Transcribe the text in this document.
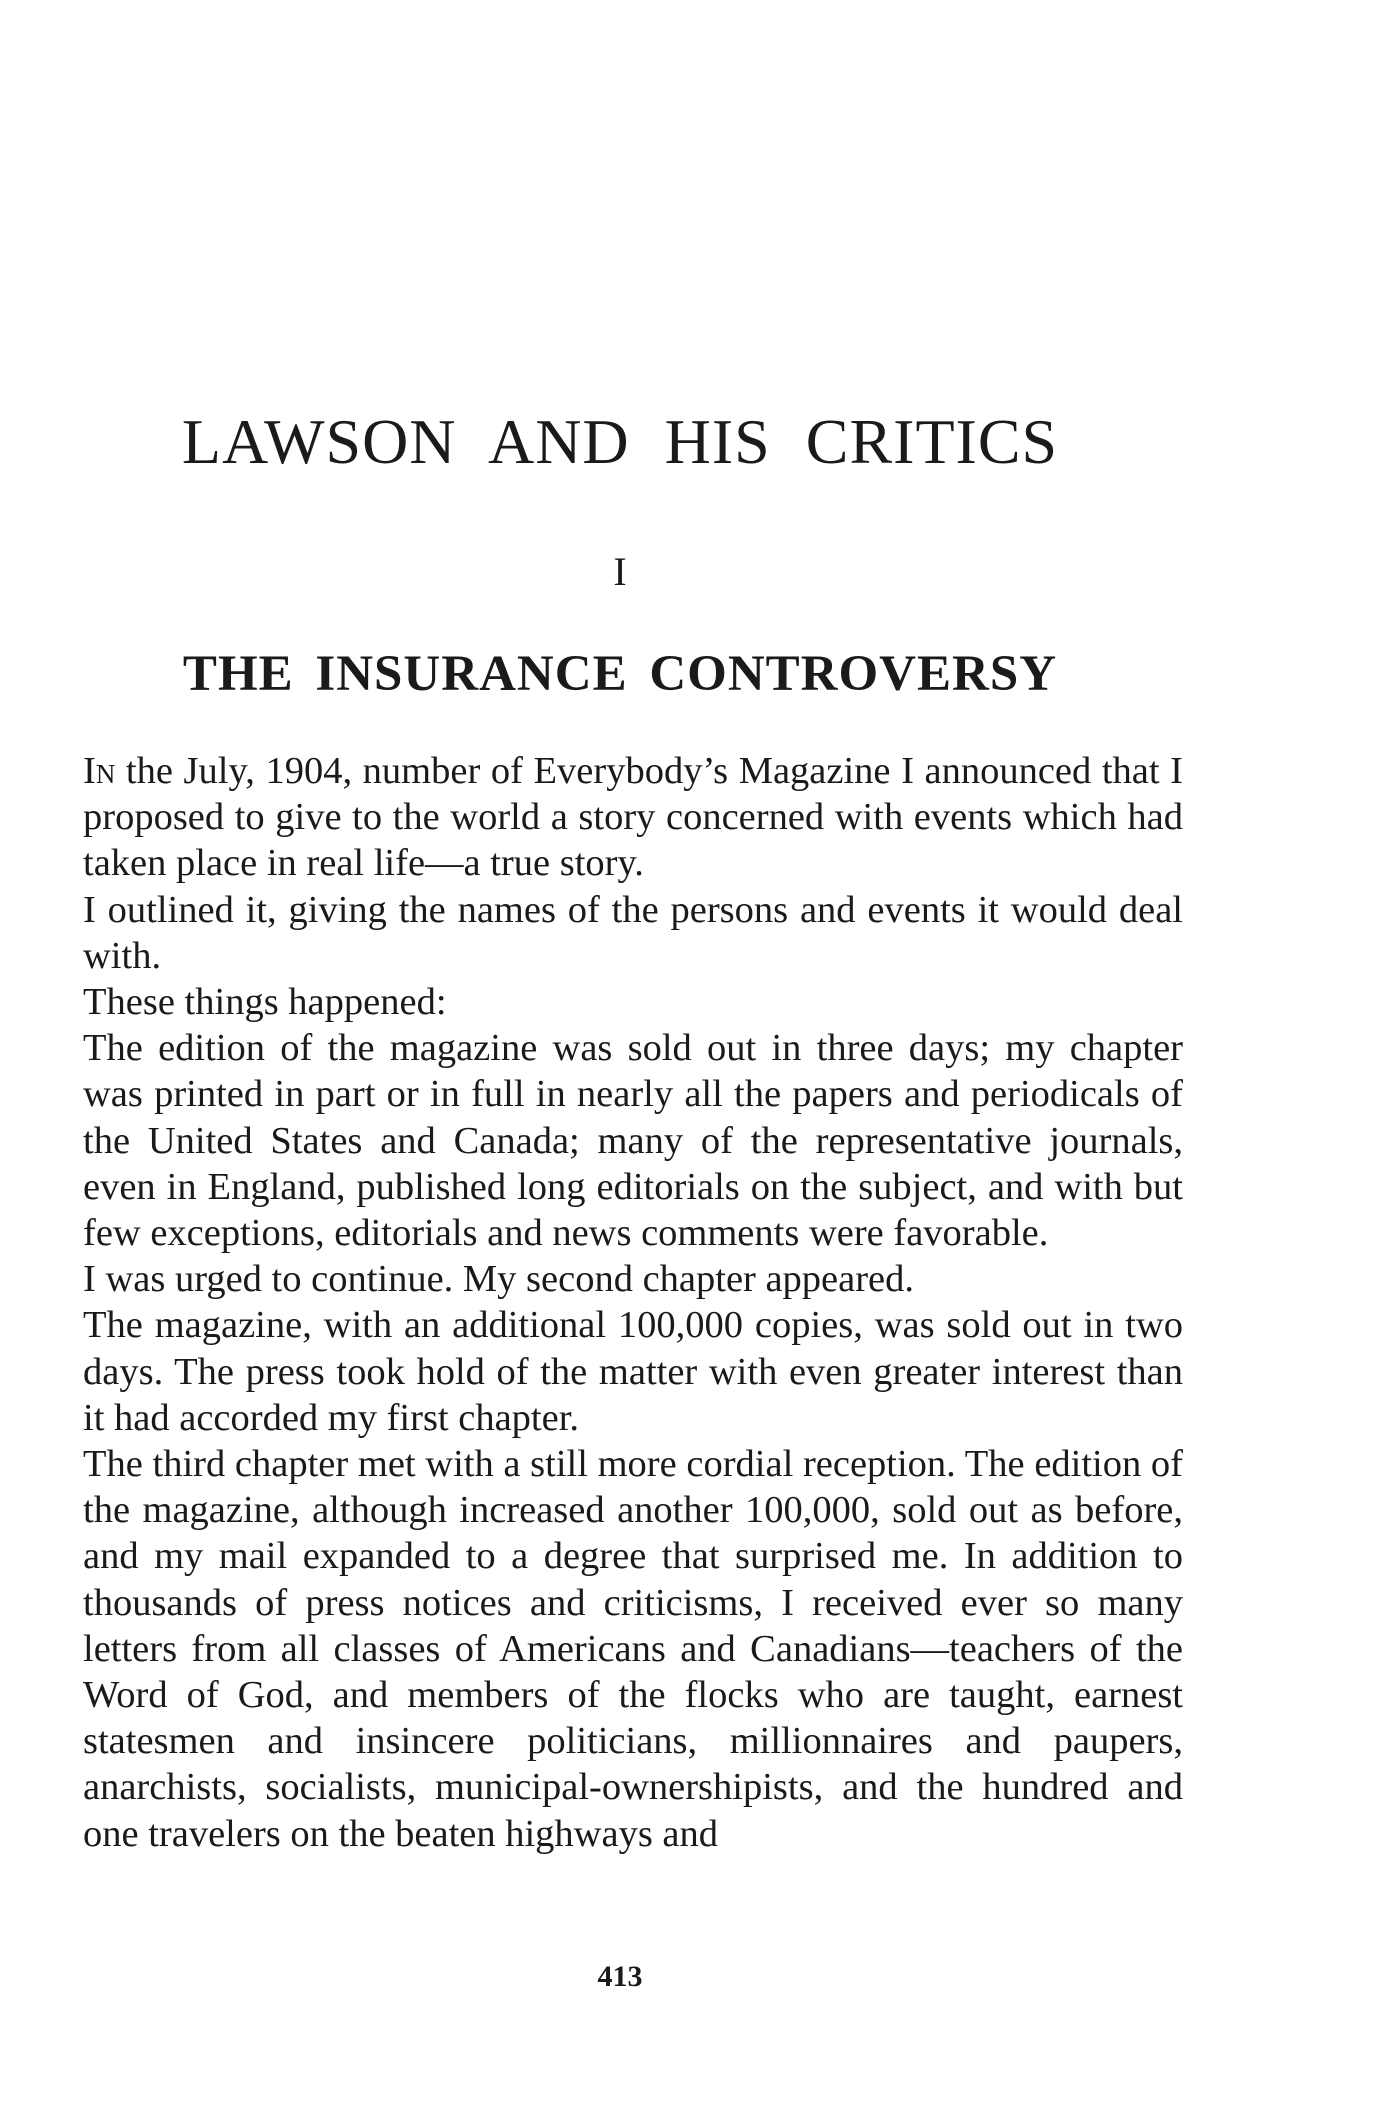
LAWSON AND HIS CRITICS
I
THE INSURANCE CONTROVERSY

In the July, 1904, number of Everybody’s Magazine I announced that I proposed to give to the world a story concerned with events which had taken place in real life—a true story.

I outlined it, giving the names of the persons and events it would deal with.

These things happened:

The edition of the magazine was sold out in three days; my chapter was printed in part or in full in nearly all the papers and periodicals of the United States and Canada; many of the representative journals, even in England, published long editorials on the subject, and with but few exceptions, editorials and news comments were favorable.

I was urged to continue. My second chapter appeared.

The magazine, with an additional 100,000 copies, was sold out in two days. The press took hold of the matter with even greater interest than it had accorded my first chapter.

The third chapter met with a still more cordial reception. The edition of the magazine, although increased another 100,000, sold out as before, and my mail expanded to a degree that surprised me. In addition to thousands of press notices and criticisms, I received ever so many letters from all classes of Americans and Canadians—teachers of the Word of God, and members of the flocks who are taught, earnest statesmen and insincere politicians, millionnaires and paupers, anarchists, socialists, municipal-ownershipists, and the hundred and one travelers on the beaten highways and

413
